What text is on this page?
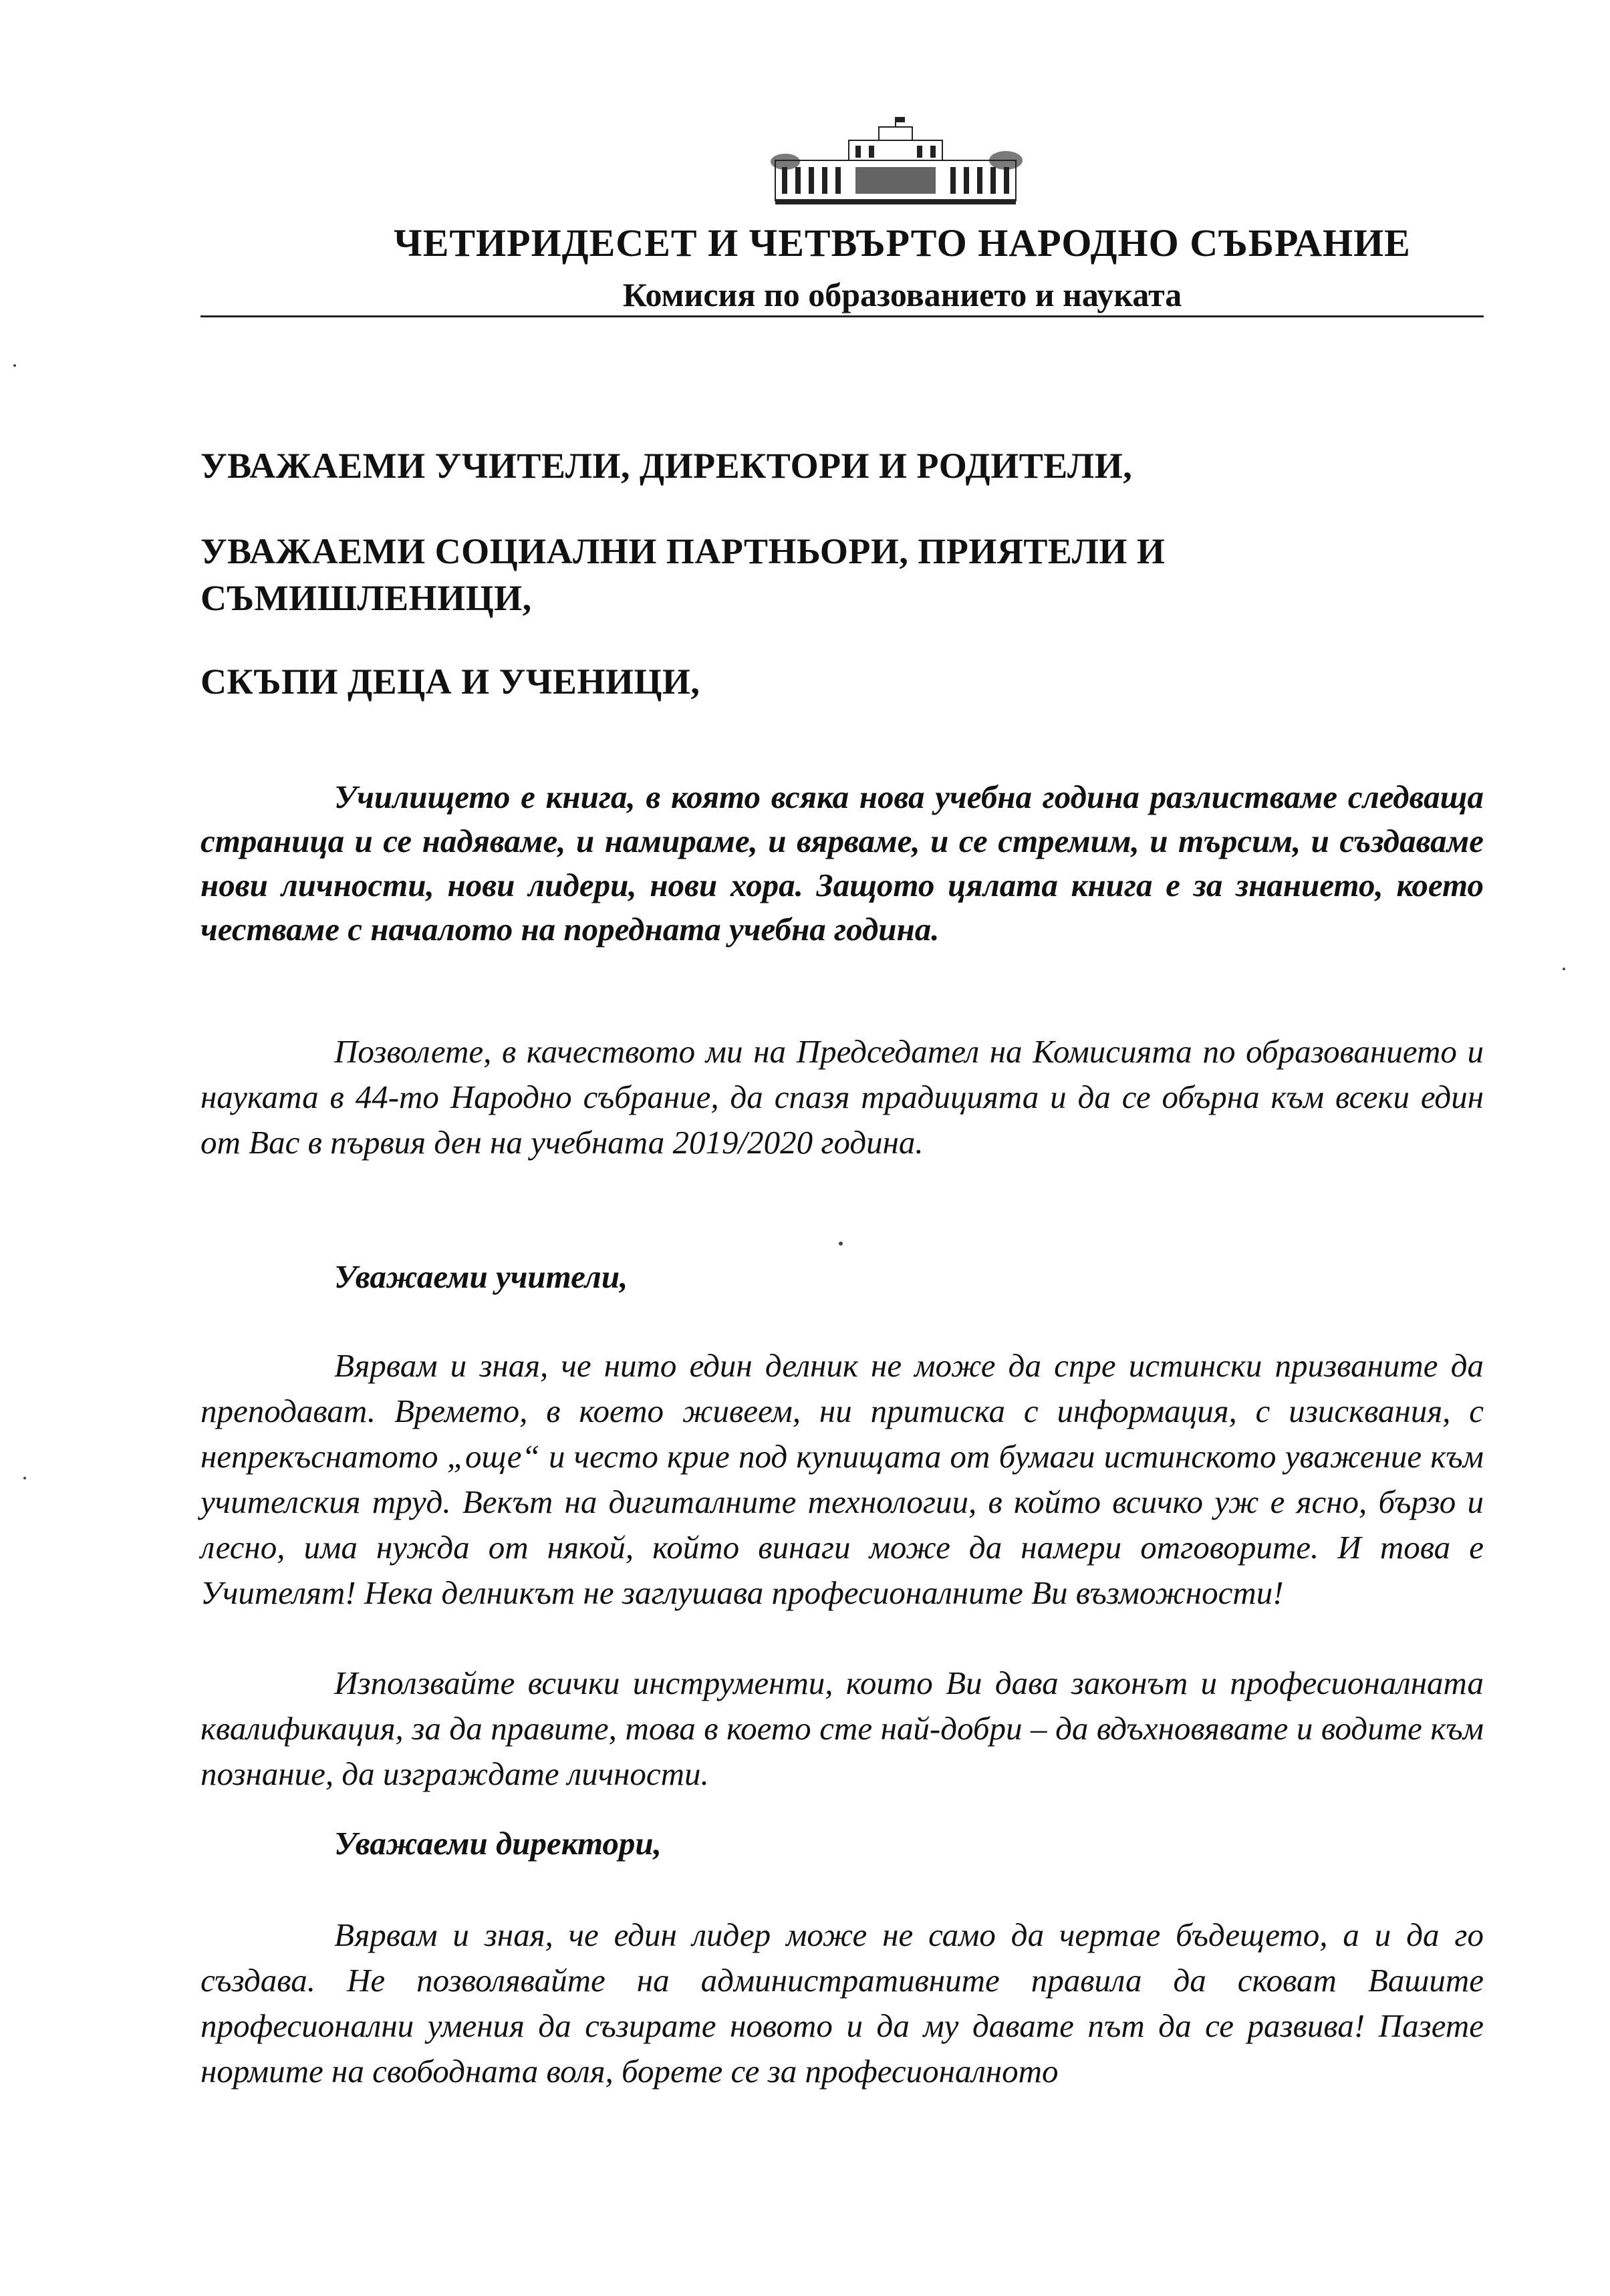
ЧЕТИРИДЕСЕТ И ЧЕТВЪРТО НАРОДНО СЪБРАНИЕ
Комисия по образованието и науката
УВАЖАЕМИ УЧИТЕЛИ, ДИРЕКТОРИ И РОДИТЕЛИ,
УВАЖАЕМИ СОЦИАЛНИ ПАРТНЬОРИ, ПРИЯТЕЛИ И СЪМИШЛЕНИЦИ,
СКЪПИ ДЕЦА И УЧЕНИЦИ,
Училището е книга, в която всяка нова учебна година разлистваме следваща страница и се надяваме, и намираме, и вярваме, и се стремим, и търсим, и създаваме нови личности, нови лидери, нови хора. Защото цялата книга е за знанието, което честваме с началото на поредната учебна година.
Позволете, в качеството ми на Председател на Комисията по образованието и науката в 44-то Народно събрание, да спазя традицията и да се обърна към всеки един от Вас в първия ден на учебната 2019/2020 година.
Уважаеми учители,
Вярвам и зная, че нито един делник не може да спре истински призваните да преподават. Времето, в което живеем, ни притиска с информация, с изисквания, с непрекъснатото „още“ и често крие под купищата от бумаги истинското уважение към учителския труд. Векът на дигиталните технологии, в който всичко уж е ясно, бързо и лесно, има нужда от някой, който винаги може да намери отговорите. И това е Учителят! Нека делникът не заглушава професионалните Ви възможности!
Използвайте всички инструменти, които Ви дава законът и професионалната квалификация, за да правите, това в което сте най-добри – да вдъхновявате и водите към познание, да изграждате личности.
Уважаеми директори,
Вярвам и зная, че един лидер може не само да чертае бъдещето, а и да го създава. Не позволявайте на административните правила да сковат Вашите професионални умения да съзирате новото и да му давате път да се развива! Пазете нормите на свободната воля, борете се за професионалното
